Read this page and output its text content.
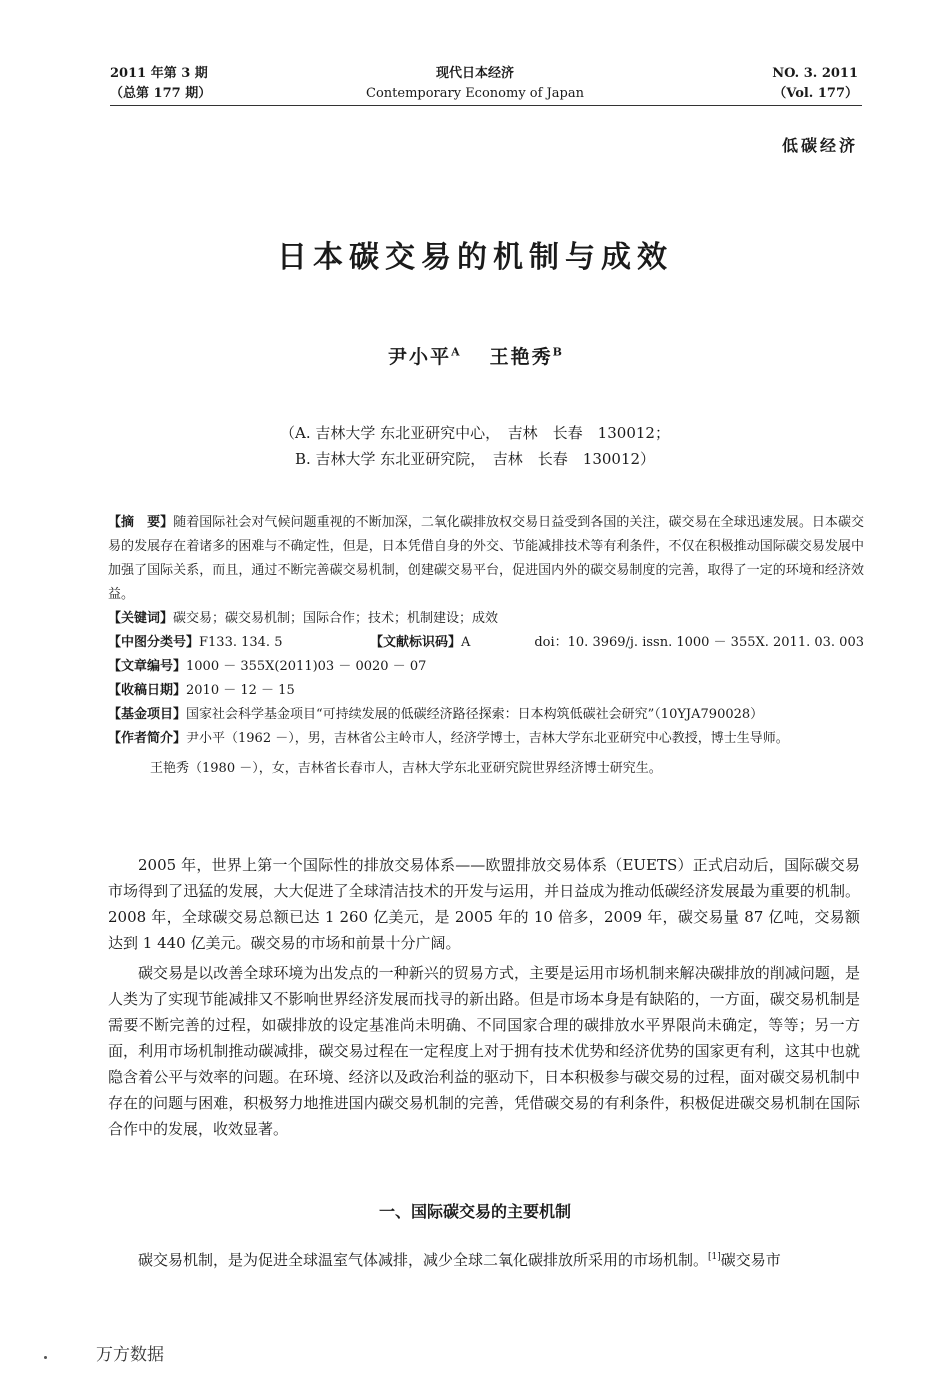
2011 年第 3 期
（总第 177 期）
现代日本经济
Contemporary Economy of Japan
NO. 3. 2011
（Vol. 177）
低碳经济
日本碳交易的机制与成效
尹小平$^A$ 王艳秀$^B$
（A. 吉林大学 东北亚研究中心，　吉林　长春　130012；
B. 吉林大学 东北亚研究院，　吉林　长春　130012）
【摘　要】随着国际社会对气候问题重视的不断加深，二氧化碳排放权交易日益受到各国的关注，碳交易在全球迅速发展。日本碳交易的发展存在着诸多的困难与不确定性，但是，日本凭借自身的外交、节能减排技术等有利条件，不仅在积极推动国际碳交易发展中加强了国际关系，而且，通过不断完善碳交易机制，创建碳交易平台，促进国内外的碳交易制度的完善，取得了一定的环境和经济效益。
【关键词】碳交易；碳交易机制；国际合作；技术；机制建设；成效
【中图分类号】F133. 134. 5	【文献标识码】A	doi：10. 3969/j. issn. 1000 － 355X. 2011. 03. 003
【文章编号】1000 － 355X(2011)03 － 0020 － 07
【收稿日期】2010 － 12 － 15
【基金项目】国家社会科学基金项目“可持续发展的低碳经济路径探索：日本构筑低碳社会研究”（10YJA790028）
【作者简介】尹小平（1962 －），男，吉林省公主岭市人，经济学博士，吉林大学东北亚研究中心教授，博士生导师。
王艳秀（1980 －），女，吉林省长春市人，吉林大学东北亚研究院世界经济博士研究生。

2005 年，世界上第一个国际性的排放交易体系——欧盟排放交易体系（EUETS）正式启动后，国际碳交易市场得到了迅猛的发展，大大促进了全球清洁技术的开发与运用，并日益成为推动低碳经济发展最为重要的机制。2008 年，全球碳交易总额已达 1 260 亿美元，是 2005 年的 10 倍多，2009 年，碳交易量 87 亿吨，交易额达到 1 440 亿美元。碳交易的市场和前景十分广阔。

碳交易是以改善全球环境为出发点的一种新兴的贸易方式，主要是运用市场机制来解决碳排放的削减问题，是人类为了实现节能减排又不影响世界经济发展而找寻的新出路。但是市场本身是有缺陷的，一方面，碳交易机制是需要不断完善的过程，如碳排放的设定基准尚未明确、不同国家合理的碳排放水平界限尚未确定，等等；另一方面，利用市场机制推动碳减排，碳交易过程在一定程度上对于拥有技术优势和经济优势的国家更有利，这其中也就隐含着公平与效率的问题。在环境、经济以及政治利益的驱动下，日本积极参与碳交易的过程，面对碳交易机制中存在的问题与困难，积极努力地推进国内碳交易机制的完善，凭借碳交易的有利条件，积极促进碳交易机制在国际合作中的发展，收效显著。

一、国际碳交易的主要机制
碳交易机制，是为促进全球温室气体减排，减少全球二氧化碳排放所采用的市场机制。[1]碳交易市
万方数据
